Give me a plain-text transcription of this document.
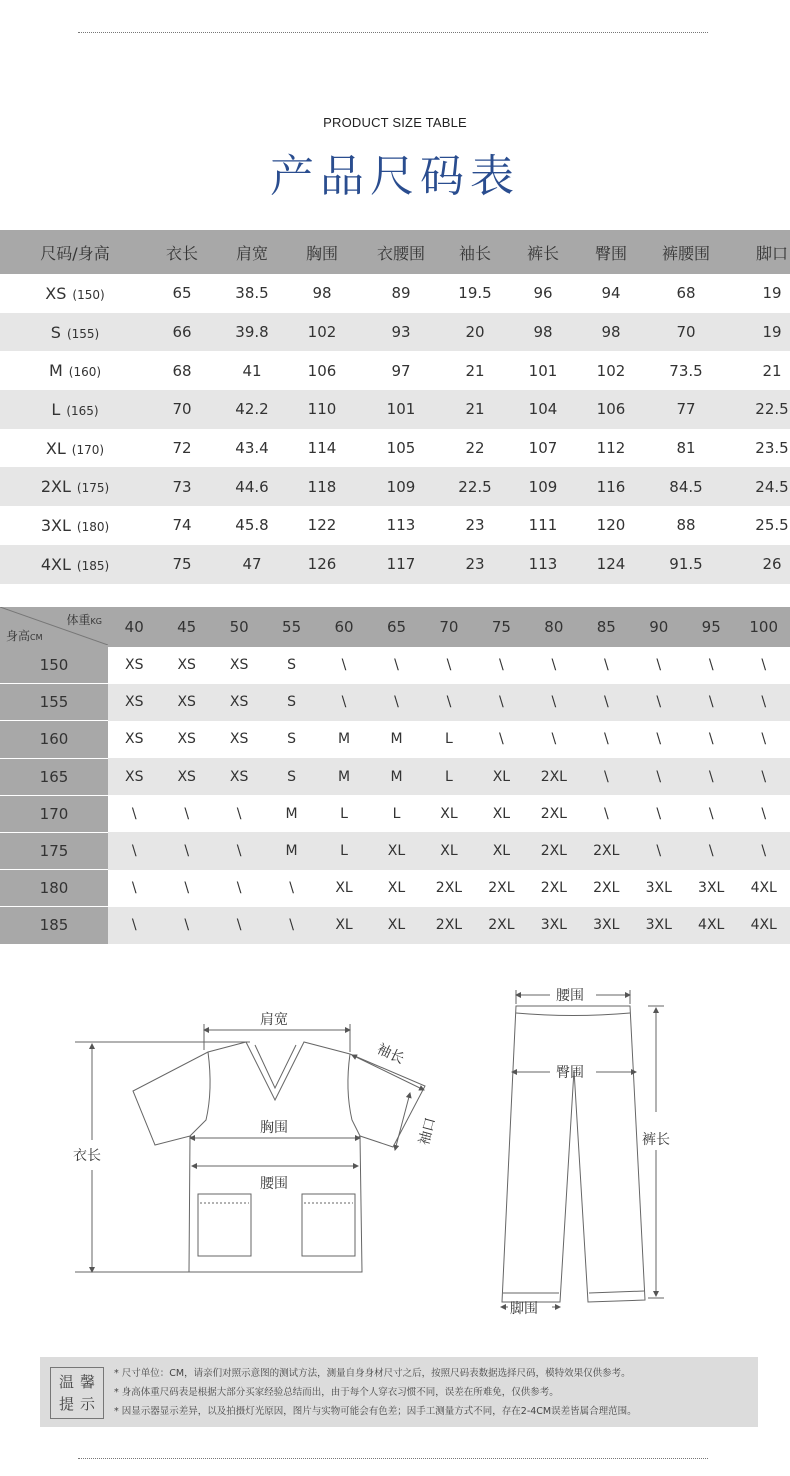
PRODUCT SIZE TABLE
产品尺码表
尺码/身高	衣长	肩宽	胸围	衣腰围	袖长	裤长	臀围	裤腰围	脚口
XS (150)	65	38.5	98	89	19.5	96	94	68	19
S (155)	66	39.8	102	93	20	98	98	70	19
M (160)	68	41	106	97	21	101	102	73.5	21
L (165)	70	42.2	110	101	21	104	106	77	22.5
XL (170)	72	43.4	114	105	22	107	112	81	23.5
2XL (175)	73	44.6	118	109	22.5	109	116	84.5	24.5
3XL (180)	74	45.8	122	113	23	111	120	88	25.5
4XL (185)	75	47	126	117	23	113	124	91.5	26
体重KG
身高CM	40	45	50	55	60	65	70	75	80	85	90	95	100
150	XS	XS	XS	S	\	\	\	\	\	\	\	\	\
155	XS	XS	XS	S	\	\	\	\	\	\	\	\	\
160	XS	XS	XS	S	M	M	L	\	\	\	\	\	\
165	XS	XS	XS	S	M	M	L	XL	2XL	\	\	\	\
170	\	\	\	M	L	L	XL	XL	2XL	\	\	\	\
175	\	\	\	M	L	XL	XL	XL	2XL	2XL	\	\	\
180	\	\	\	\	XL	XL	2XL	2XL	2XL	2XL	3XL	3XL	4XL
185	\	\	\	\	XL	XL	2XL	2XL	3XL	3XL	3XL	4XL	4XL
肩宽
袖长
胸围
腰围
衣长
袖口
腰围
臀围
裤长
脚围
温馨
提示
* 尺寸单位：CM，请亲们对照示意图的测试方法，测量自身身材尺寸之后，按照尺码表数据选择尺码，模特效果仅供参考。
* 身高体重尺码表是根据大部分买家经验总结而出，由于每个人穿衣习惯不同，误差在所难免，仅供参考。
* 因显示器显示差异，以及拍摄灯光原因，图片与实物可能会有色差；因手工测量方式不同，存在2-4CM误差皆属合理范围。
